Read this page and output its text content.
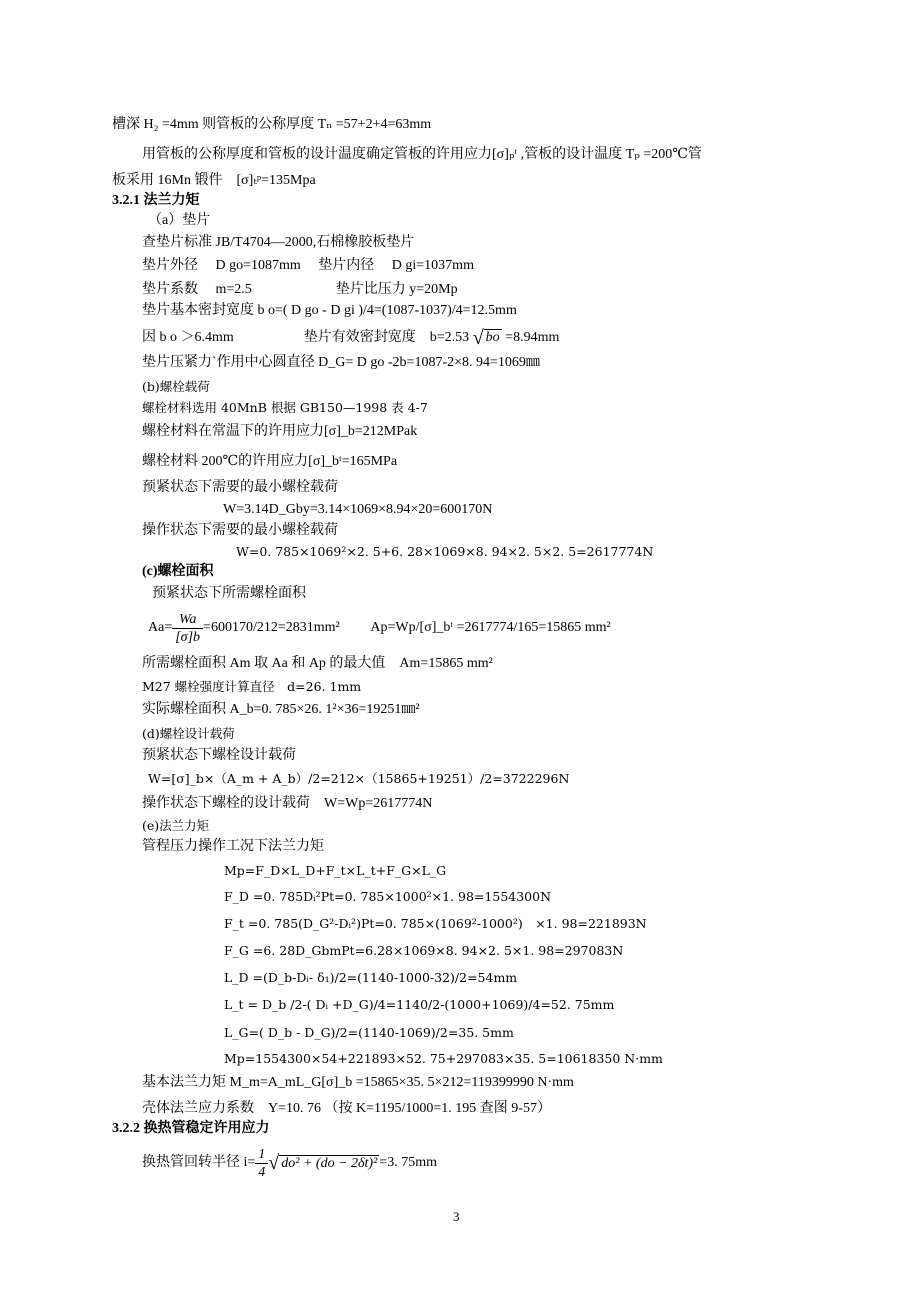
槽深 H₂ =4mm 则管板的公称厚度 Tₙ =57+2+4=63mm
用管板的公称厚度和管板的设计温度确定管板的许用应力[σ]ₚᵗ ,管板的设计温度 Tₚ =200℃管
板采用 16Mn 锻件　[σ]ₜᵖ=135Mpa
3.2.1 法兰力矩
（a）垫片
查垫片标准 JB/T4704—2000,石棉橡胶板垫片
垫片外径　 D go=1087mm　 垫片内径　 D gi=1037mm
垫片系数　 m=2.5　　　　　　垫片比压力 y=20Mp
垫片基本密封宽度 b o=( D go - D gi )/4=(1087-1037)/4=12.5mm
因 b o ＞6.4mm　　　　　垫片有效密封宽度　b=2.53 √ bo =8.94mm
垫片压紧力`作用中心圆直径 D_G= D go -2b=1087-2×8. 94=1069㎜
(b)螺栓载荷
螺栓材料选用 40MnB 根据 GB150—1998 表 4-7
螺栓材料在常温下的许用应力[σ]_b=212MPak
螺栓材料 200℃的许用应力[σ]_bᵗ=165MPa
预紧状态下需要的最小螺栓载荷
W=3.14D_Gby=3.14×1069×8.94×20=600170N
操作状态下需要的最小螺栓载荷
W=0. 785×1069²×2. 5+6. 28×1069×8. 94×2. 5×2. 5=2617774N
(c)螺栓面积
预紧状态下所需螺栓面积
$Aa= \frac{Wa}{[\sigma]b} =600170/212=2831mm^2$　　 Ap=Wp/[σ]_bᵗ =2617774/165=15865 mm²
所需螺栓面积 Am 取 Aa 和 Ap 的最大值　Am=15865 mm²
M27 螺栓强度计算直径　d=26. 1mm
实际螺栓面积 A_b=0. 785×26. 1²×36=19251㎜²
(d)螺栓设计载荷
预紧状态下螺栓设计载荷
W=[σ]_b×（A_m + A_b）/2=212×（15865+19251）/2=3722296N
操作状态下螺栓的设计载荷　W=Wp=2617774N
(e)法兰力矩
管程压力操作工况下法兰力矩
Mp=F_D×L_D+F_t×L_t+F_G×L_G
F_D =0. 785Dᵢ²Pt=0. 785×1000²×1. 98=1554300N
F_t =0. 785(D_G²-Dᵢ²)Pt=0. 785×(1069²-1000²)　×1. 98=221893N
F_G =6. 28D_GbmPt=6.28×1069×8. 94×2. 5×1. 98=297083N
L_D =(D_b-Dᵢ- δ₁)/2=(1140-1000-32)/2=54mm
L_t = D_b /2-( Dᵢ +D_G)/4=1140/2-(1000+1069)/4=52. 75mm
L_G=( D_b - D_G)/2=(1140-1069)/2=35. 5mm
Mp=1554300×54+221893×52. 75+297083×35. 5=10618350 N·mm
基本法兰力矩 M_m=A_mL_G[σ]_b =15865×35. 5×212=119399990 N·mm
壳体法兰应力系数　Y=10. 76 （按 K=1195/1000=1. 195 查图 9-57）
3.2.2 换热管稳定许用应力
换热管回转半径 $i= \frac{1}{4}$ √ do² + (do − 2δt)² =3. 75mm
3
